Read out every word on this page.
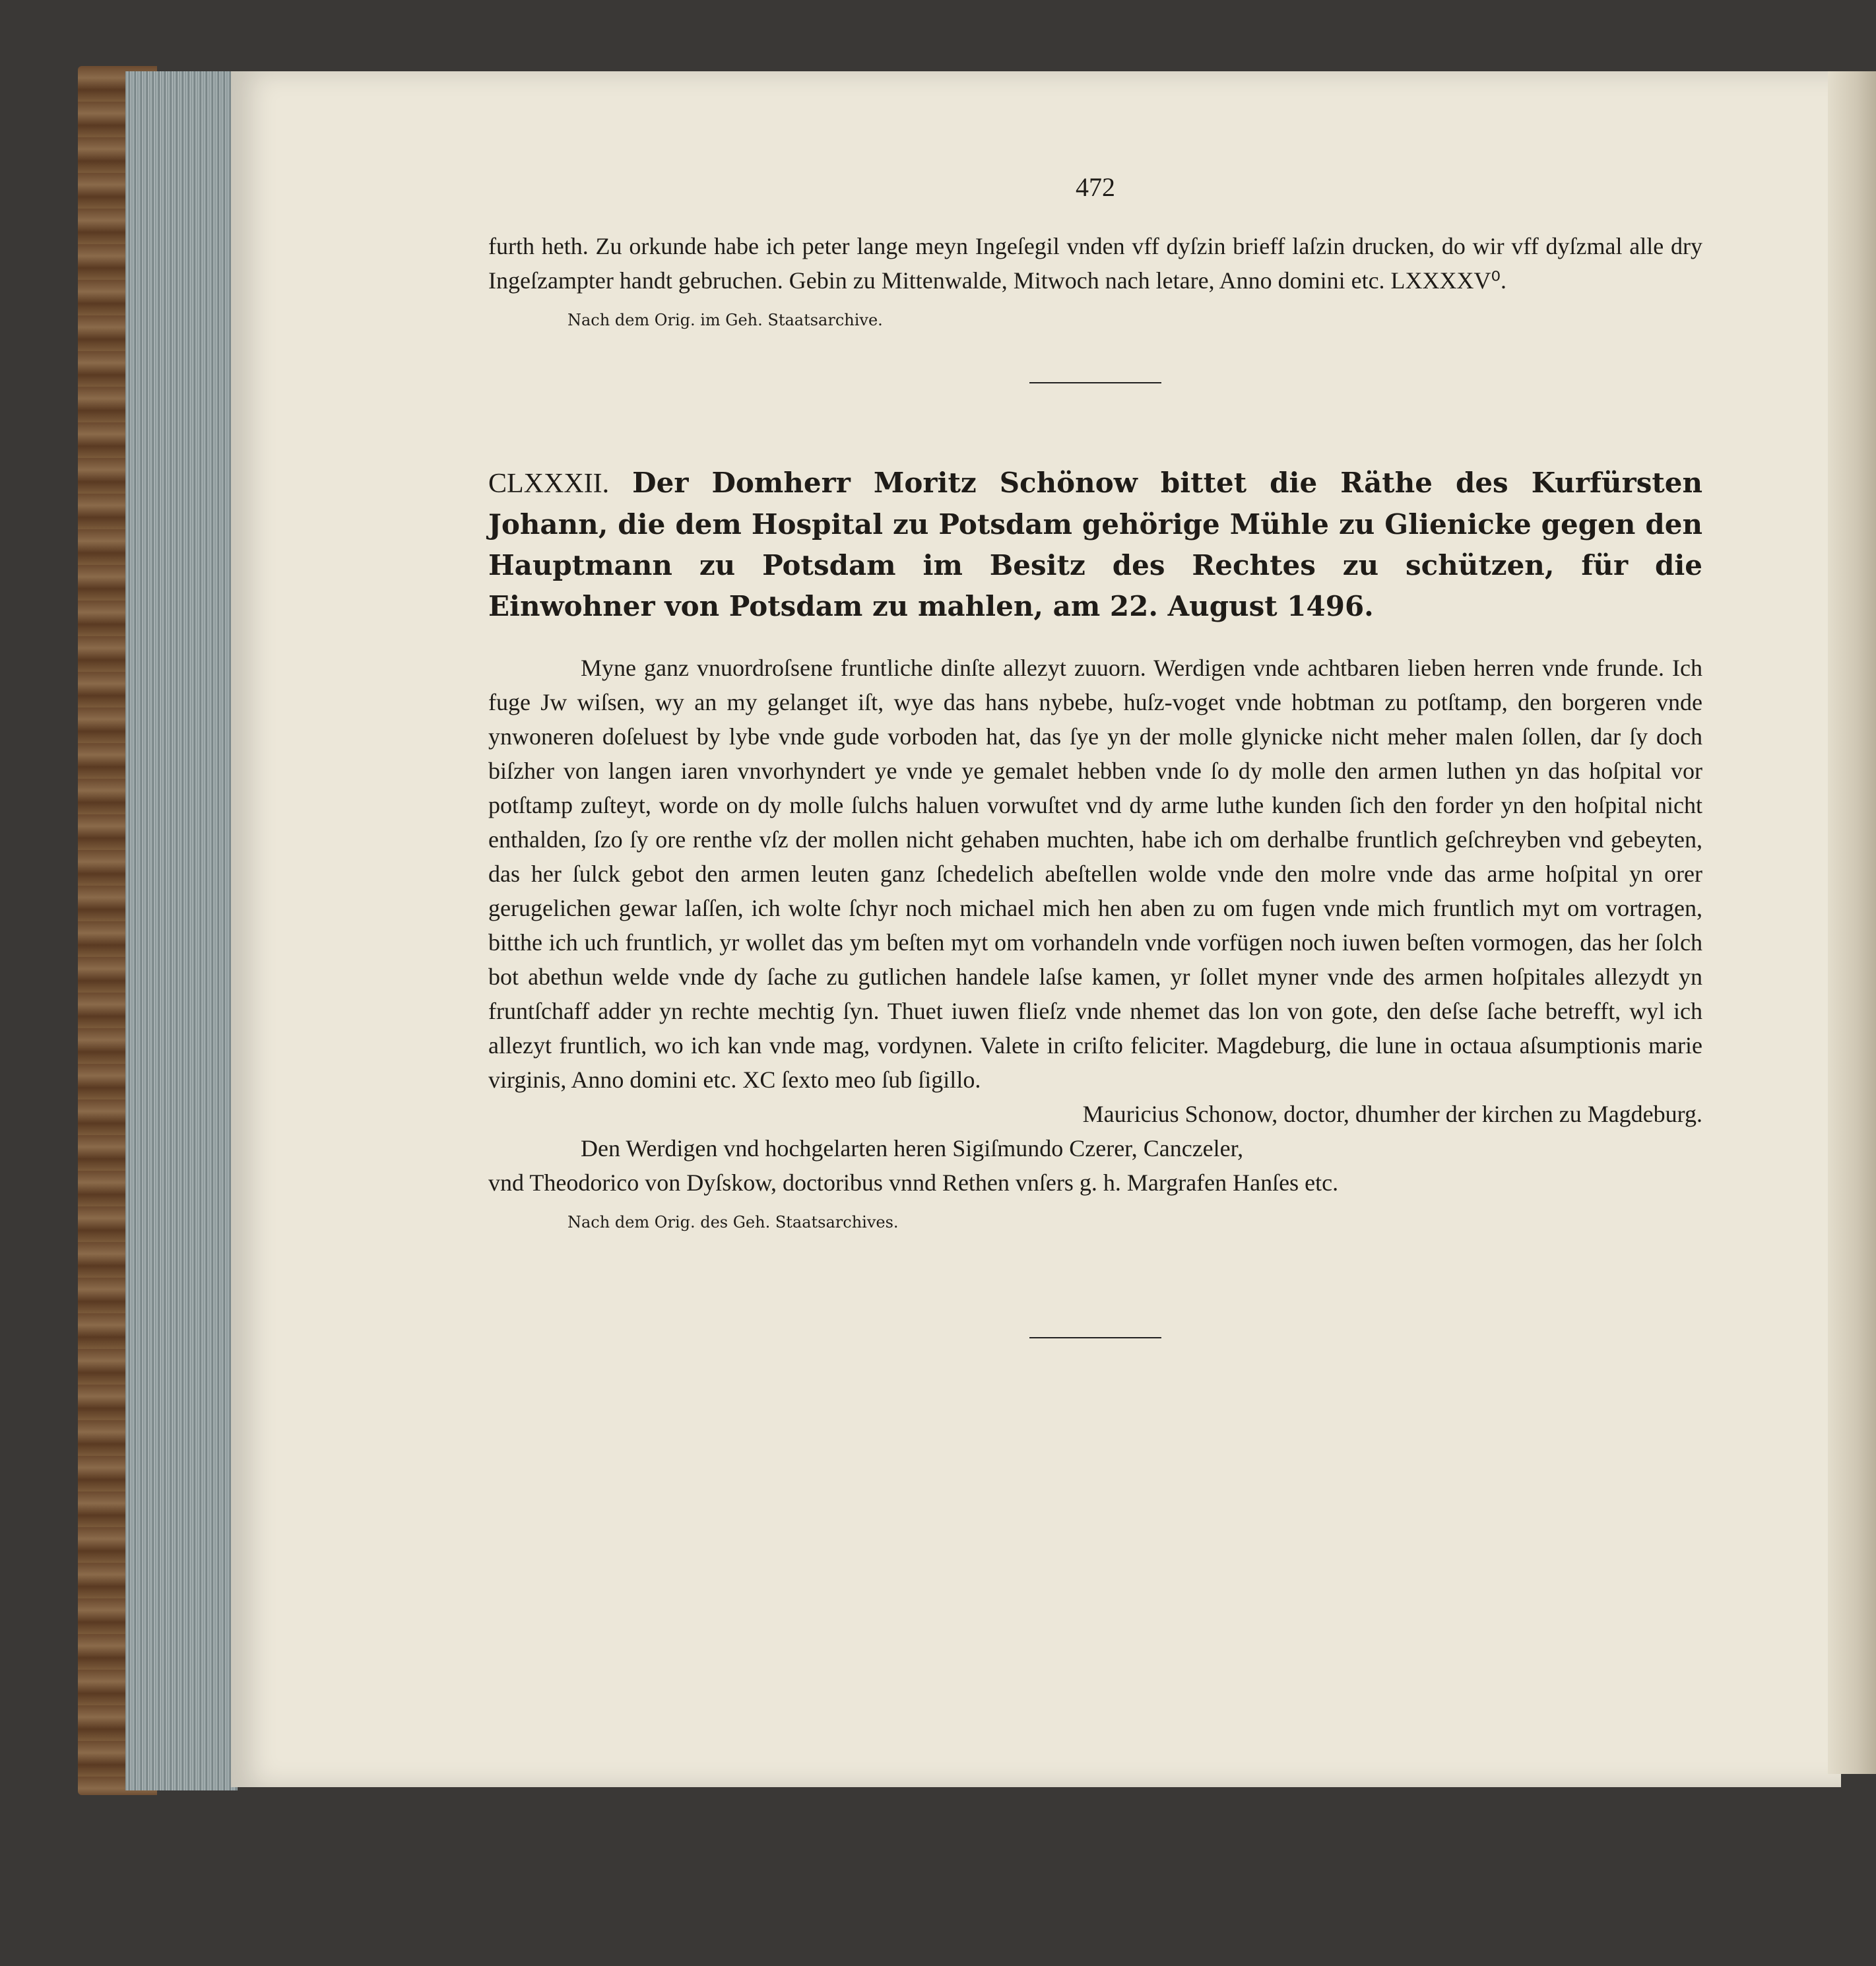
472

furth heth. Zu orkunde habe ich peter lange meyn Ingeſegil vnden vff dyſzin brieff laſzin drucken, do wir vff dyſzmal alle dry Ingeſzampter handt gebruchen. Gebin zu Mittenwalde, Mitwoch nach letare, Anno domini etc. LXXXXV⁰.

Nach dem Orig. im Geh. Staatsarchive.
CLXXXII. Der Domherr Moritz Schönow bittet die Räthe des Kurfürsten Johann, die dem Hospital zu Potsdam gehörige Mühle zu Glienicke gegen den Hauptmann zu Potsdam im Besitz des Rechtes zu schützen, für die Einwohner von Potsdam zu mahlen, am 22. August 1496.

Myne ganz vnuordroſsene fruntliche dinſte allezyt zuuorn. Werdigen vnde achtbaren lieben herren vnde frunde. Ich fuge Jw wiſsen, wy an my gelanget iſt, wye das hans nybebe, huſz-voget vnde hobtman zu potſtamp, den borgeren vnde ynwoneren doſeluest by lybe vnde gude vorboden hat, das ſye yn der molle glynicke nicht meher malen ſollen, dar ſy doch biſzher von langen iaren vnvorhyndert ye vnde ye gemalet hebben vnde ſo dy molle den armen luthen yn das hoſpital vor potſtamp zuſteyt, worde on dy molle ſulchs haluen vorwuſtet vnd dy arme luthe kunden ſich den forder yn den hoſpital nicht enthalden, ſzo ſy ore renthe vſz der mollen nicht gehaben muchten, habe ich om derhalbe fruntlich geſchreyben vnd gebeyten, das her ſulck gebot den armen leuten ganz ſchedelich abeſtellen wolde vnde den molre vnde das arme hoſpital yn orer gerugelichen gewar laſſen, ich wolte ſchyr noch michael mich hen aben zu om fugen vnde mich fruntlich myt om vortragen, bitthe ich uch fruntlich, yr wollet das ym beſten myt om vorhandeln vnde vorfügen noch iuwen beſten vormogen, das her ſolch bot abethun welde vnde dy ſache zu gutlichen handele laſse kamen, yr ſollet myner vnde des armen hoſpitales allezydt yn fruntſchaff adder yn rechte mechtig ſyn. Thuet iuwen flieſz vnde nhemet das lon von gote, den deſse ſache betrefft, wyl ich allezyt fruntlich, wo ich kan vnde mag, vordynen. Valete in criſto feliciter. Magdeburg, die lune in octaua aſsumptionis marie virginis, Anno domini etc. XC ſexto meo ſub ſigillo.

Mauricius Schonow, doctor, dhumher der kirchen zu Magdeburg.
Den Werdigen vnd hochgelarten heren Sigiſmundo Czerer, Canczeler,
vnd Theodorico von Dyſskow, doctoribus vnnd Rethen vnſers g. h. Margrafen Hanſes etc.
Nach dem Orig. des Geh. Staatsarchives.
